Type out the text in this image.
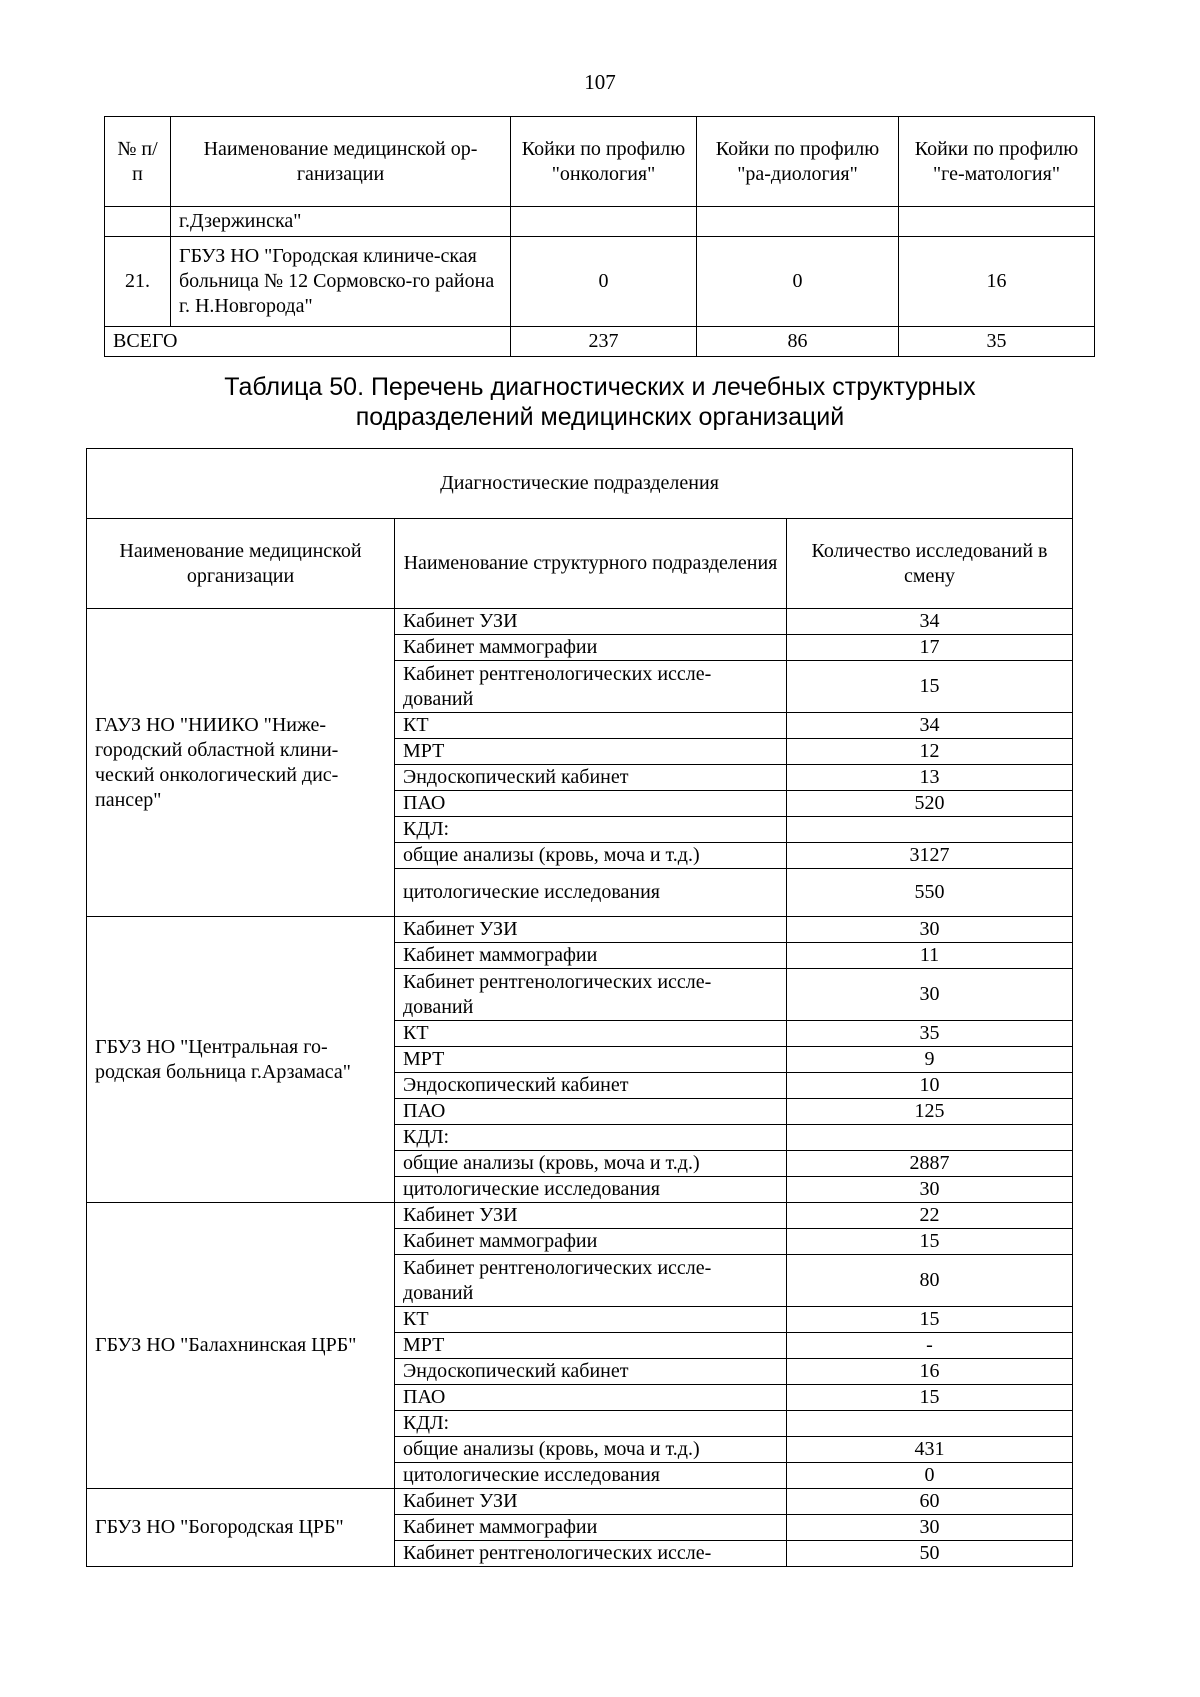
107
№ п/п	Наименование медицинской ор-ганизации	Койки по профилю "онкология"	Койки по профилю "ра-диология"	Койки по профилю "ге-матология"
	г.Дзержинска"			
21.	ГБУЗ НО "Городская клиниче-ская больница № 12 Сормовско-го района г. Н.Новгорода"	0	0	16
ВСЕГО		237	86	35
Таблица 50. Перечень диагностических и лечебных структурных
подразделений медицинских организаций
Диагностические подразделения		
Наименование медицинской организации	Наименование структурного подразделения	Количество исследований в смену
ГАУЗ НО "НИИКО "Ниже-городский областной клини-ческий онкологический дис-пансер"	Кабинет УЗИ	34
	Кабинет маммографии	17
	Кабинет рентгенологических иссле-дований	15
	КТ	34
	МРТ	12
	Эндоскопический кабинет	13
	ПАО	520
	КДЛ:	
	общие анализы (кровь, моча и т.д.)	3127
	цитологические исследования	550
ГБУЗ НО "Центральная го-родская больница г.Арзамаса"	Кабинет УЗИ	30
	Кабинет маммографии	11
	Кабинет рентгенологических иссле-дований	30
	КТ	35
	МРТ	9
	Эндоскопический кабинет	10
	ПАО	125
	КДЛ:	
	общие анализы (кровь, моча и т.д.)	2887
	цитологические исследования	30
ГБУЗ НО "Балахнинская ЦРБ"	Кабинет УЗИ	22
	Кабинет маммографии	15
	Кабинет рентгенологических иссле-дований	80
	КТ	15
	МРТ	-
	Эндоскопический кабинет	16
	ПАО	15
	КДЛ:	
	общие анализы (кровь, моча и т.д.)	431
	цитологические исследования	0
ГБУЗ НО "Богородская ЦРБ"	Кабинет УЗИ	60
	Кабинет маммографии	30
	Кабинет рентгенологических иссле-	50
